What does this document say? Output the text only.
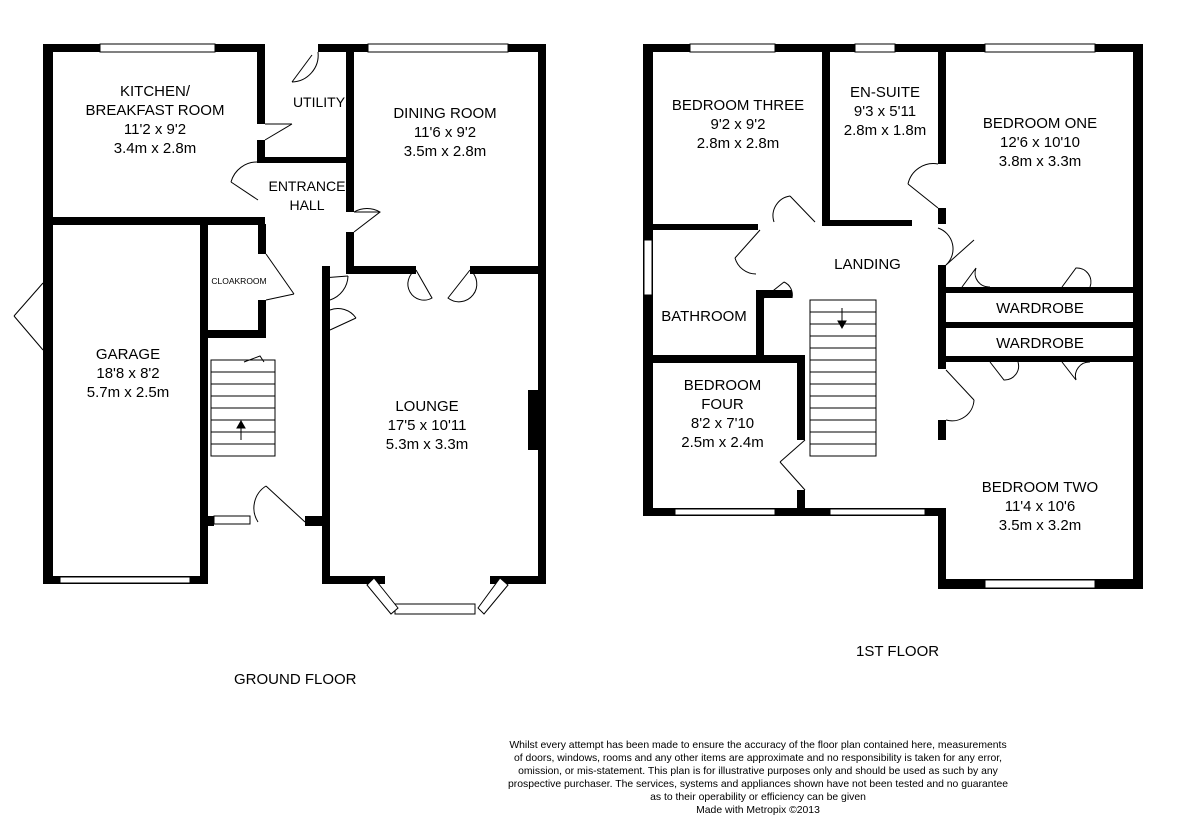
KITCHEN/
BREAKFAST ROOM
11'2 x 9'2
3.4m x 2.8m
UTILITY
DINING ROOM
11'6 x 9'2
3.5m x 2.8m
ENTRANCE
HALL
CLOAKROOM
GARAGE
18'8 x 8'2
5.7m x 2.5m
LOUNGE
17'5 x 10'11
5.3m x 3.3m
GROUND FLOOR
BEDROOM THREE
9'2 x 9'2
2.8m x 2.8m
EN-SUITE
9'3 x 5'11
2.8m x 1.8m	BEDROOM ONE
12'6 x 10'10
3.8m x 3.3m
LANDING
BATHROOM	WARDROBE
WARDROBE
BEDROOM
FOUR
8'2 x 7'10
2.5m x 2.4m
BEDROOM TWO
11'4 x 10'6
3.5m x 3.2m
1ST FLOOR
Whilst every attempt has been made to ensure the accuracy of the floor plan contained here, measurements
of doors, windows, rooms and any other items are approximate and no responsibility is taken for any error,
omission, or mis-statement. This plan is for illustrative purposes only and should be used as such by any
prospective purchaser. The services, systems and appliances shown have not been tested and no guarantee
as to their operability or efficiency can be given
Made with Metropix ©2013
